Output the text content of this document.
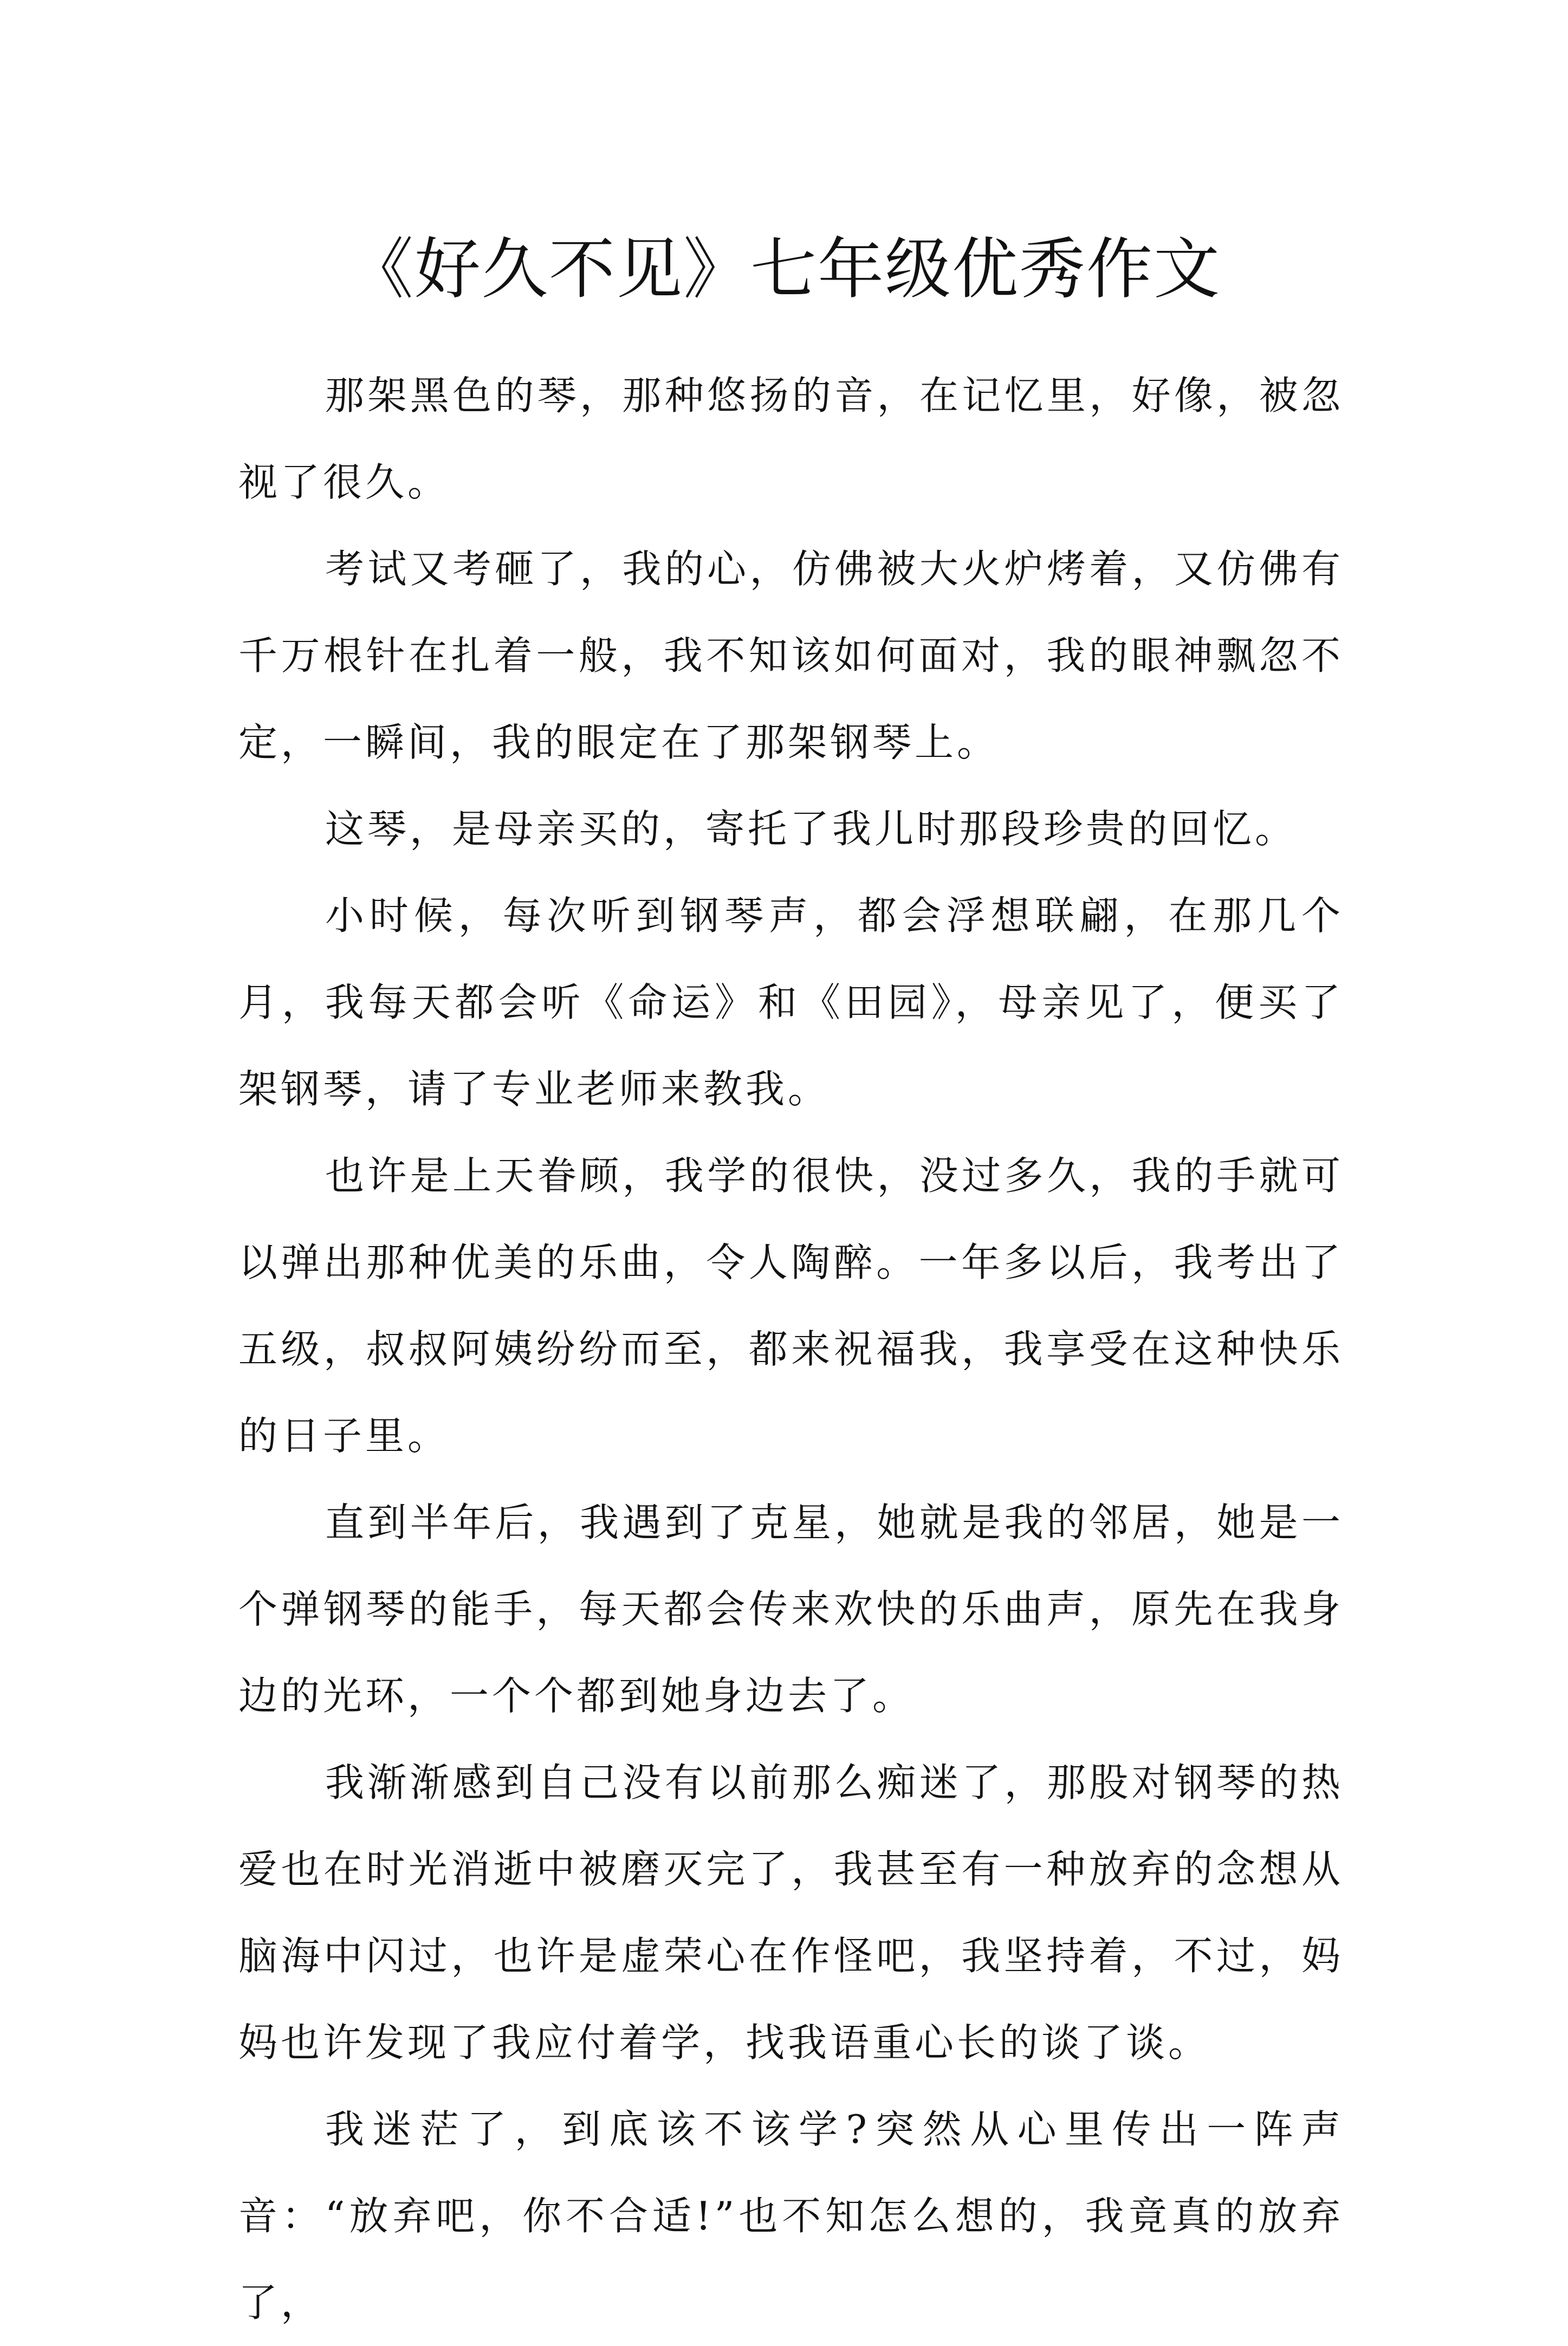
《好久不见》七年级优秀作文

那架黑色的琴，那种悠扬的音，在记忆里，好像，被忽视了很久。

考试又考砸了，我的心，仿佛被大火炉烤着，又仿佛有千万根针在扎着一般，我不知该如何面对，我的眼神飘忽不定，一瞬间，我的眼定在了那架钢琴上。

这琴，是母亲买的，寄托了我儿时那段珍贵的回忆。

小时候，每次听到钢琴声，都会浮想联翩，在那几个月，我每天都会听《命运》和《田园》，母亲见了，便买了架钢琴，请了专业老师来教我。

也许是上天眷顾，我学的很快，没过多久，我的手就可以弹出那种优美的乐曲，令人陶醉。一年多以后，我考出了五级，叔叔阿姨纷纷而至，都来祝福我，我享受在这种快乐的日子里。

直到半年后，我遇到了克星，她就是我的邻居，她是一个弹钢琴的能手，每天都会传来欢快的乐曲声，原先在我身边的光环，一个个都到她身边去了。

我渐渐感到自己没有以前那么痴迷了，那股对钢琴的热爱也在时光消逝中被磨灭完了，我甚至有一种放弃的念想从脑海中闪过，也许是虚荣心在作怪吧，我坚持着，不过，妈妈也许发现了我应付着学，找我语重心长的谈了谈。

我迷茫了，到底该不该学?突然从心里传出一阵声音：“放弃吧，你不合适!”也不知怎么想的，我竟真的放弃了，
